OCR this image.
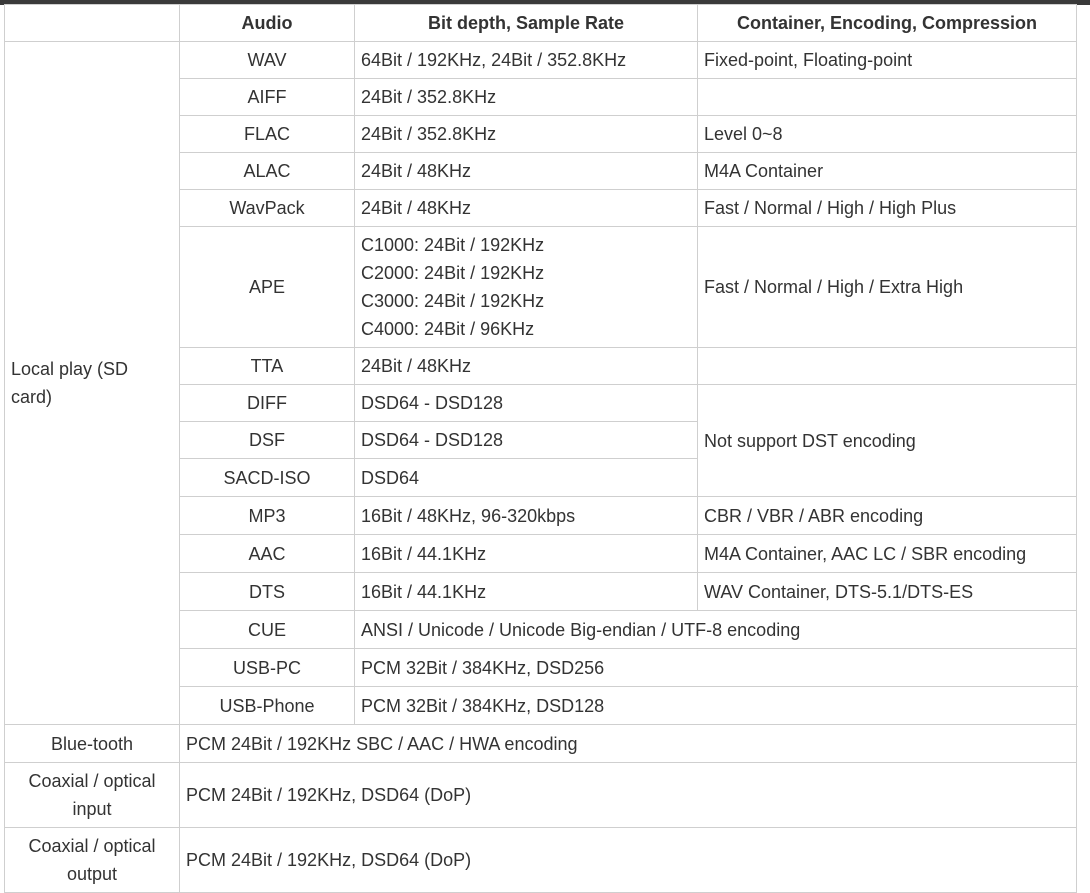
	Audio	Bit depth, Sample Rate	Container, Encoding, Compression
Local play (SD card)	WAV	64Bit / 192KHz, 24Bit / 352.8KHz	Fixed-point, Floating-point
	AIFF	24Bit / 352.8KHz	
	FLAC	24Bit / 352.8KHz	Level 0~8
	ALAC	24Bit / 48KHz	M4A Container
	WavPack	24Bit / 48KHz	Fast / Normal / High / High Plus
	APE	C1000: 24Bit / 192KHz
C2000: 24Bit / 192KHz
C3000: 24Bit / 192KHz
C4000: 24Bit / 96KHz	Fast / Normal / High / Extra High
	TTA	24Bit / 48KHz	
	DIFF	DSD64 - DSD128	Not support DST encoding
	DSF	DSD64 - DSD128	
	SACD-ISO	DSD64	
	MP3	16Bit / 48KHz, 96-320kbps	CBR / VBR / ABR encoding
	AAC	16Bit / 44.1KHz	M4A Container, AAC LC / SBR encoding
	DTS	16Bit / 44.1KHz	WAV Container, DTS-5.1/DTS-ES
	CUE	ANSI / Unicode / Unicode Big-endian / UTF-8 encoding	
	USB-PC	PCM 32Bit / 384KHz, DSD256	
	USB-Phone	PCM 32Bit / 384KHz, DSD128	
Blue-tooth	PCM 24Bit / 192KHz SBC / AAC / HWA encoding		

Coaxial / optical
input	PCM 24Bit / 192KHz, DSD64 (DoP)		

Coaxial / optical
output	PCM 24Bit / 192KHz, DSD64 (DoP)		
